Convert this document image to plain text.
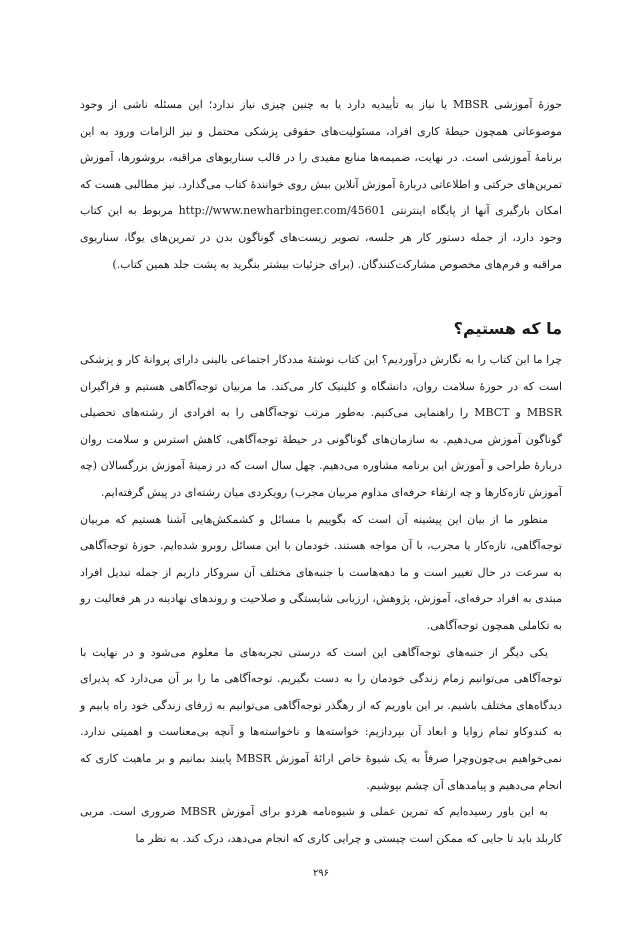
حوزهٔ آموزشی MBSR یا نیاز به تأییدیه دارد یا به چنین چیزی نیاز ندارد؛ این مسئله ناشی از وجود موضوعاتی همچون حیطهٔ کاری افراد، مسئولیت‌های حقوقی پزشکی محتمل و نیز الزامات ورود به این برنامهٔ آموزشی است. در نهایت، ضمیمه‌ها منابع مفیدی را در قالب سناریوهای مراقبه، بروشورها، آموزش تمرین‌های حرکتی و اطلاعاتی دربارهٔ آموزش آنلاین بیش روی خوانندهٔ کتاب می‌گذارد. نیز مطالبی هست که امکان بارگیری آنها از پایگاه اینترنتی http://www.newharbinger.com/45601 مربوط به این کتاب وجود دارد، از جمله دستور کار هر جلسه، تصویر زیست‌های گوناگون بدن در تمرین‌های یوگا، سناریوی مراقبه و فرم‌های مخصوص مشارکت‌کنندگان. (برای جزئیات بیشتر بنگرید به پشت جلد همین کتاب.)

ما که هستیم؟

چرا ما این کتاب را به نگارش درآوردیم؟ این کتاب نوشتهٔ مددکار اجتماعی بالینی دارای پروانهٔ کار و پزشکی است که در حوزهٔ سلامت روان، دانشگاه و کلینیک کار می‌کند. ما مربیان توجه‌آگاهی هستیم و فراگیران MBSR و MBCT را راهنمایی می‌کنیم. به‌طور مرتب توجه‌آگاهی را به افرادی از رشته‌های تحصیلی گوناگون آموزش می‌دهیم. به سازمان‌های گوناگونی در حیطهٔ توجه‌آگاهی، کاهش استرس و سلامت روان دربارهٔ طراحی و آموزش این برنامه مشاوره می‌دهیم. چهل سال است که در زمینهٔ آموزش بزرگسالان (چه آموزش تازه‌کارها و چه ارتقاء حرفه‌ای مداوم مربیان مجرب) رویکردی میان رشته‌ای در پیش گرفته‌ایم.

منظور ما از بیان این پیشینه آن است که بگوییم با مسائل و کشمکش‌هایی آشنا هستیم که مربیان توجه‌آگاهی، تازه‌کار یا مجرب، با آن مواجه هستند. خودمان با این مسائل روبرو شده‌ایم. حوزهٔ توجه‌آگاهی به سرعت در حال تغییر است و ما دهه‌هاست با جنبه‌های مختلف آن سروکار داریم از جمله تبدیل افراد مبتدی به افراد حرفه‌ای، آموزش، پژوهش، ارزیابی شایستگی و صلاحیت و روندهای نهادینه در هر فعالیت رو به تکاملی همچون توجه‌آگاهی.

یکی دیگر از جنبه‌های توجه‌آگاهی این است که درستی تجربه‌های ما معلوم می‌شود و در نهایت با توجه‌آگاهی می‌توانیم زمام زندگی خودمان را به دست بگیریم. توجه‌آگاهی ما را بر آن می‌دارد که پذیرای دیدگاه‌های مختلف باشیم. بر این باوریم که از رهگذر توجه‌آگاهی می‌توانیم به ژرفای زندگی خود راه یابیم و به کندوکاو تمام زوایا و ابعاد آن بپردازیم: خواسته‌ها و ناخواسته‌ها و آنچه بی‌معناست و اهمیتی ندارد. نمی‌خواهیم بی‌چون‌وچرا صرفاً به یک شیوهٔ خاص ارائهٔ آموزش MBSR پایبند بمانیم و بر ماهیت کاری که انجام می‌دهیم و پیامدهای آن چشم بپوشیم.

به این باور رسیده‌ایم که تمرین عملی و شیوه‌نامه هردو برای آموزش MBSR ضروری است. مربی کاربلد باید تا جایی که ممکن است چیستی و چرایی کاری که انجام می‌دهد، درک کند. به نظر ما

۲۹۶
